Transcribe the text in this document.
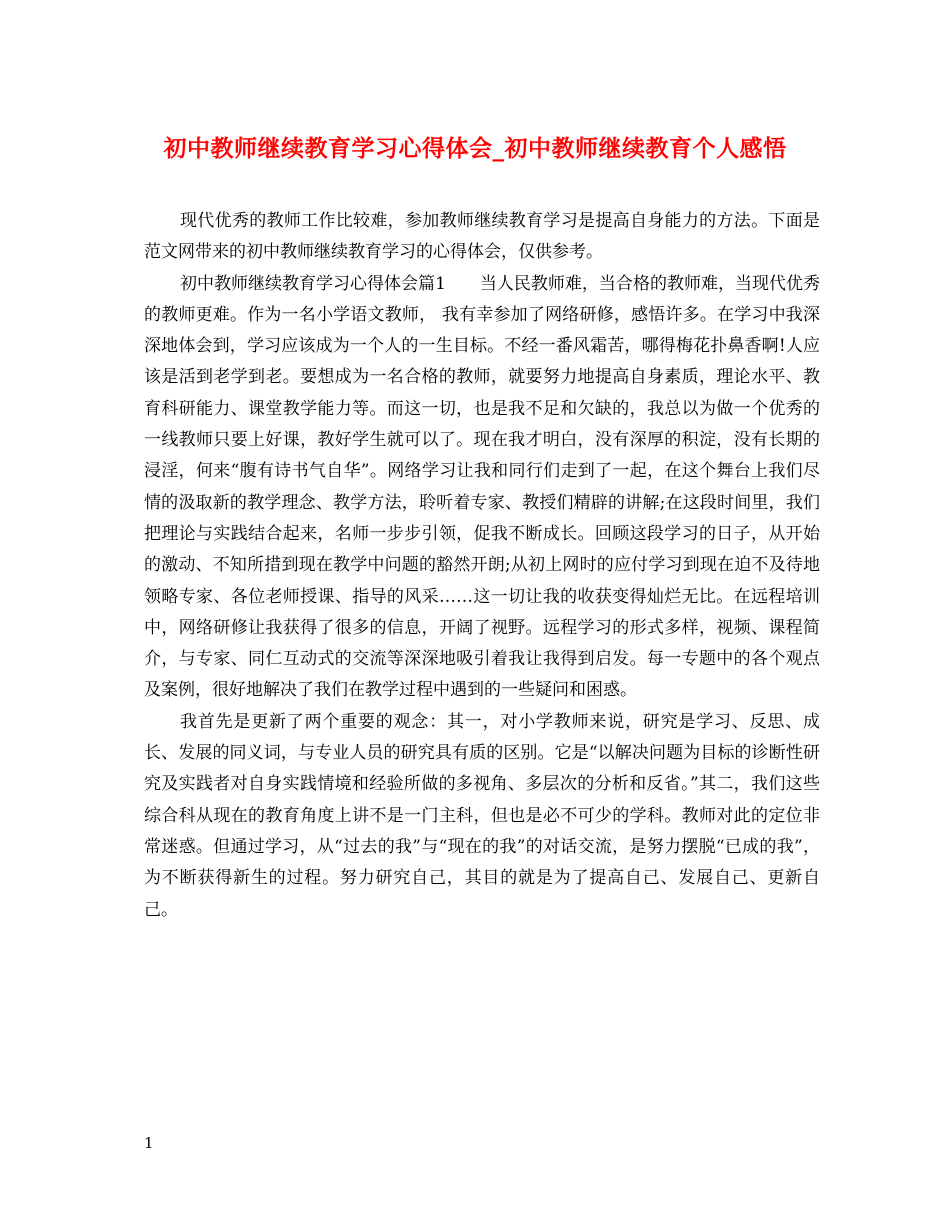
初中教师继续教育学习心得体会_初中教师继续教育个人感悟

现代优秀的教师工作比较难，参加教师继续教育学习是提高自身能力的方法。下面是范文网带来的初中教师继续教育学习的心得体会，仅供参考。

初中教师继续教育学习心得体会篇1　　当人民教师难，当合格的教师难，当现代优秀的教师更难。作为一名小学语文教师， 我有幸参加了网络研修，感悟许多。在学习中我深深地体会到，学习应该成为一个人的一生目标。不经一番风霜苦，哪得梅花扑鼻香啊!人应该是活到老学到老。要想成为一名合格的教师，就要努力地提高自身素质，理论水平、教育科研能力、课堂教学能力等。而这一切，也是我不足和欠缺的，我总以为做一个优秀的一线教师只要上好课，教好学生就可以了。现在我才明白，没有深厚的积淀，没有长期的浸淫，何来“腹有诗书气自华”。网络学习让我和同行们走到了一起，在这个舞台上我们尽情的汲取新的教学理念、教学方法，聆听着专家、教授们精辟的讲解;在这段时间里，我们把理论与实践结合起来，名师一步步引领，促我不断成长。回顾这段学习的日子，从开始的激动、不知所措到现在教学中问题的豁然开朗;从初上网时的应付学习到现在迫不及待地领略专家、各位老师授课、指导的风采……这一切让我的收获变得灿烂无比。在远程培训中，网络研修让我获得了很多的信息，开阔了视野。远程学习的形式多样，视频、课程简介，与专家、同仁互动式的交流等深深地吸引着我让我得到启发。每一专题中的各个观点及案例，很好地解决了我们在教学过程中遇到的一些疑问和困惑。

我首先是更新了两个重要的观念：其一，对小学教师来说，研究是学习、反思、成长、发展的同义词，与专业人员的研究具有质的区别。它是“以解决问题为目标的诊断性研究及实践者对自身实践情境和经验所做的多视角、多层次的分析和反省。”其二，我们这些综合科从现在的教育角度上讲不是一门主科，但也是必不可少的学科。教师对此的定位非常迷惑。但通过学习，从“过去的我”与“现在的我”的对话交流，是努力摆脱“已成的我”，为不断获得新生的过程。努力研究自己，其目的就是为了提高自己、发展自己、更新自己。

1
